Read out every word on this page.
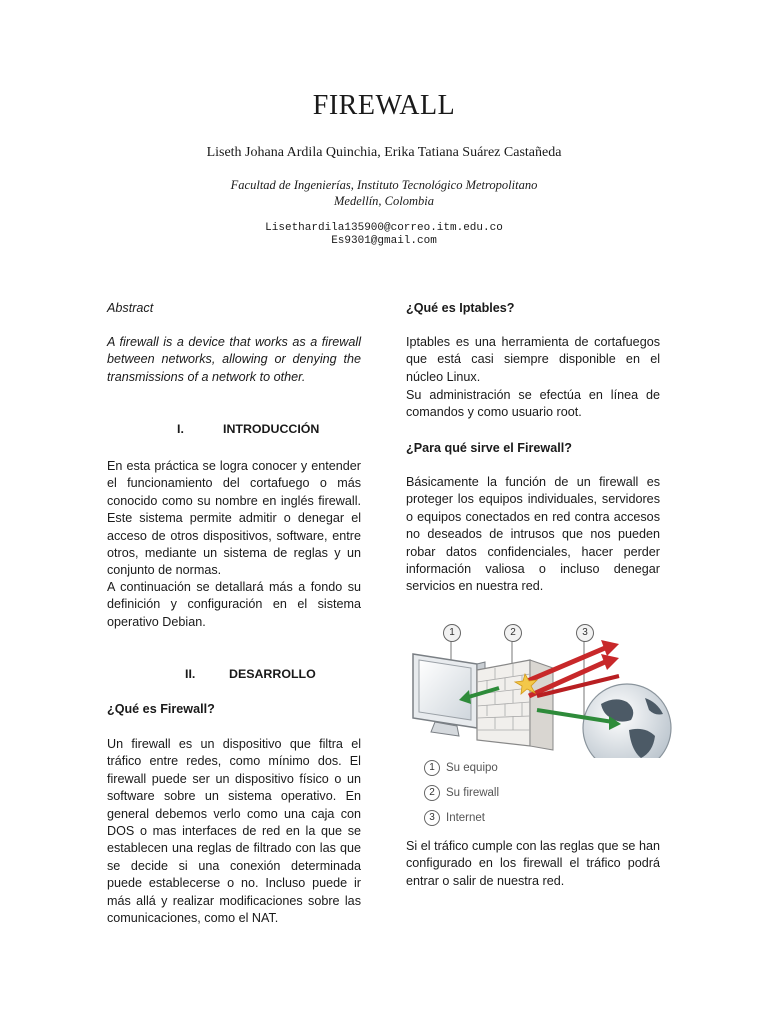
FIREWALL
Liseth Johana Ardila Quinchia, Erika Tatiana Suárez Castañeda
Facultad de Ingenierías, Instituto Tecnológico Metropolitano
Medellín, Colombia
Lisethardila135900@correo.itm.edu.co
Es9301@gmail.com
Abstract
A firewall is a device that works as a firewall between networks, allowing or denying the transmissions of a network to other.
I.	INTRODUCCIÓN
En esta práctica se logra conocer y entender el funcionamiento del cortafuego o más conocido como su nombre en inglés firewall. Este sistema permite admitir o denegar el acceso de otros dispositivos, software, entre otros, mediante un sistema de reglas y un conjunto de normas.
A continuación se detallará más a fondo su definición y configuración en el sistema operativo Debian.
II.	DESARROLLO
¿Qué es Firewall?
Un firewall es un dispositivo que filtra el tráfico entre redes, como mínimo dos. El firewall puede ser un dispositivo físico o un software sobre un sistema operativo. En general debemos verlo como una caja con DOS o mas interfaces de red en la que se establecen una reglas de filtrado con las que se decide si una conexión determinada puede establecerse o no. Incluso puede ir más allá y realizar modificaciones sobre las comunicaciones, como el NAT.
¿Qué es Iptables?
Iptables es una herramienta de cortafuegos que está casi siempre disponible en el núcleo Linux.
Su administración se efectúa en línea de comandos y como usuario root.
¿Para qué sirve el Firewall?
Básicamente la función de un firewall es proteger los equipos individuales, servidores o equipos conectados en red contra accesos no deseados de intrusos que nos pueden robar datos confidenciales, hacer perder información valiosa o incluso denegar servicios en nuestra red.
1	2	3
1 Su equipo
2 Su firewall
3 Internet
Si el tráfico cumple con las reglas que se han configurado en los firewall el tráfico podrá entrar o salir de nuestra red.
